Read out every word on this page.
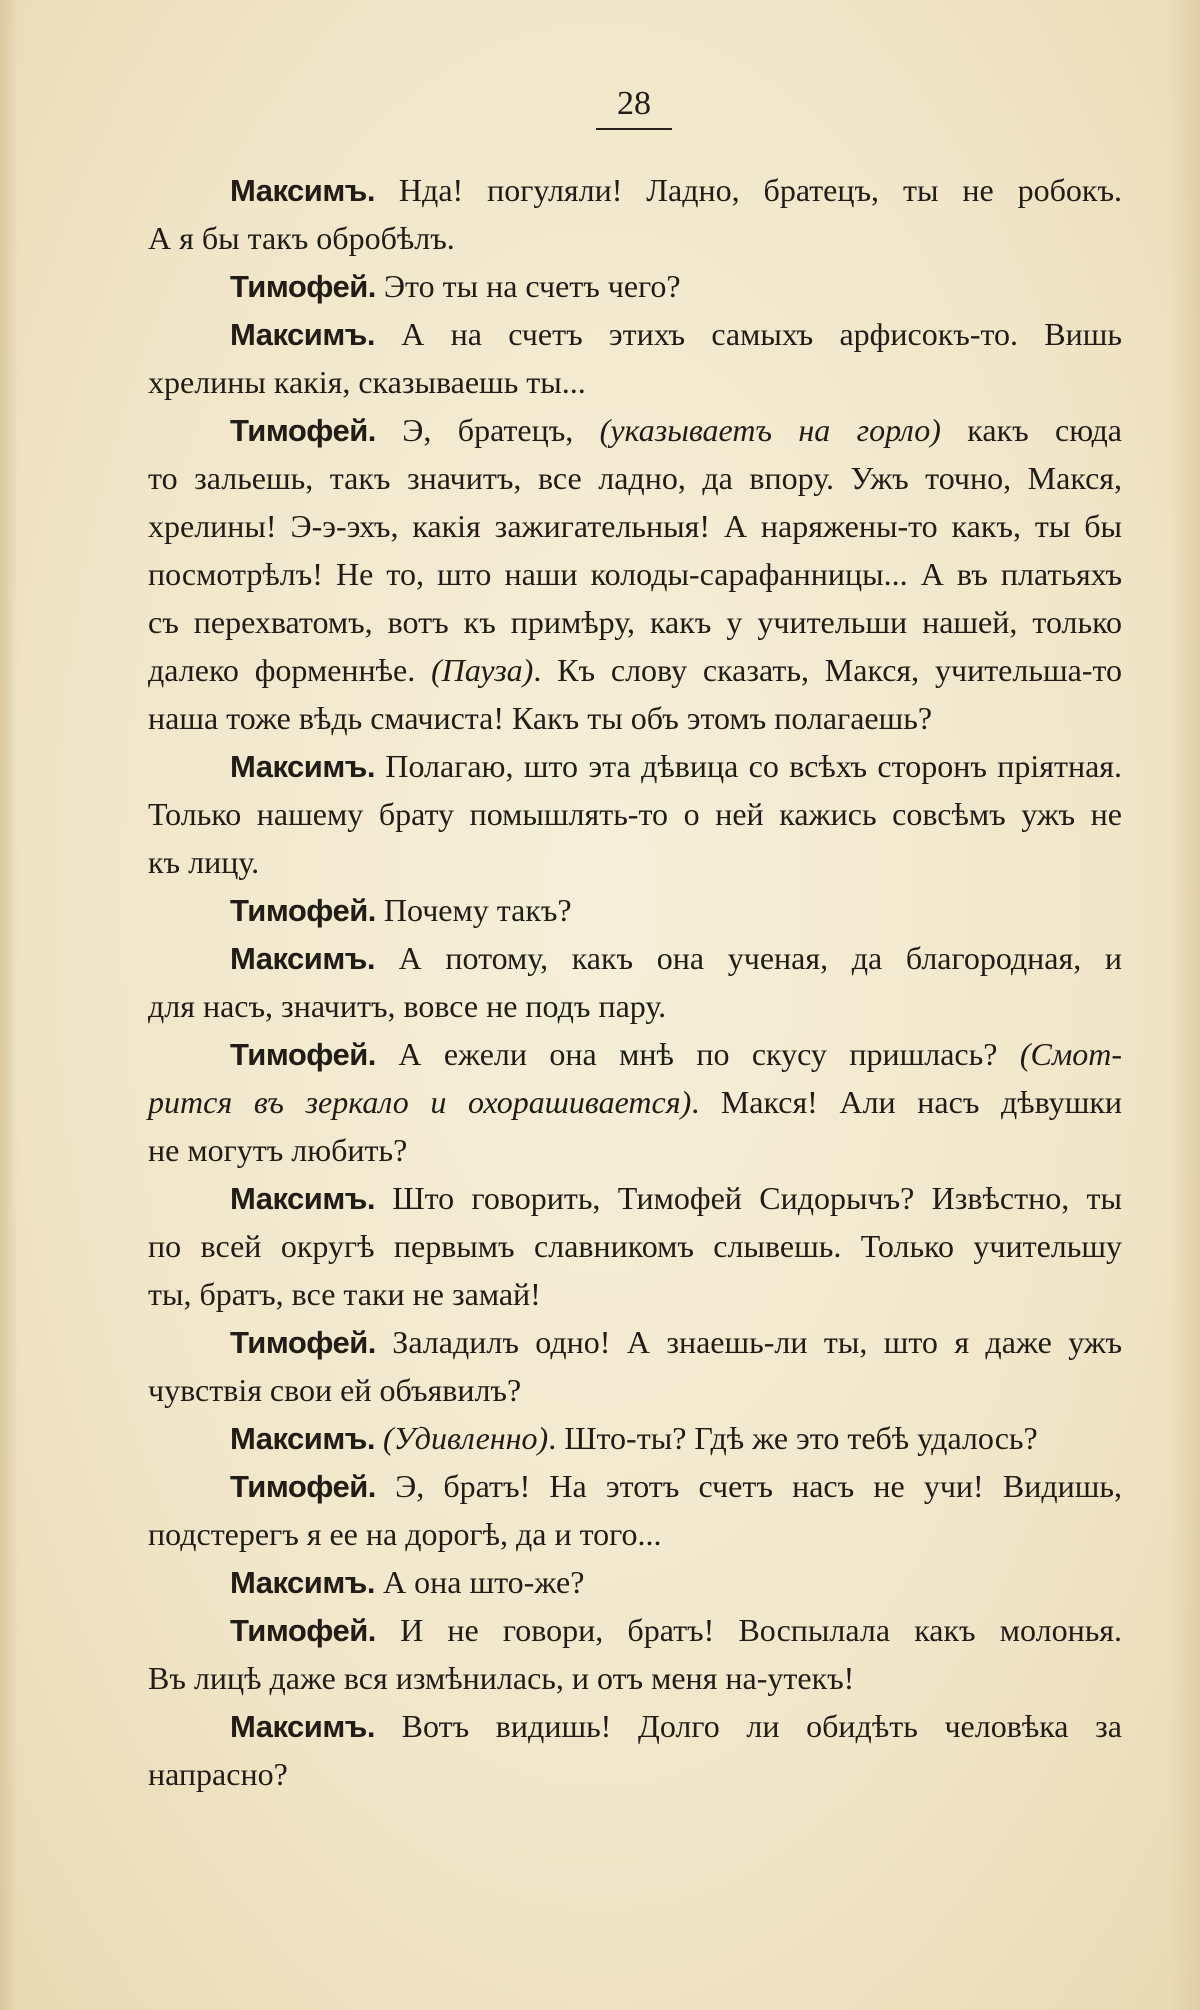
28
Максимъ. Нда! погуляли! Ладно, братецъ, ты не робокъ.
А я бы такъ обробѣлъ.
Тимофей. Это ты на счетъ чего?
Максимъ. А на счетъ этихъ самыхъ арфисокъ-то. Вишь
хрелины какія, сказываешь ты...
Тимофей. Э, братецъ, (указываетъ на горло) какъ сюда
то зальешь, такъ значитъ, все ладно, да впору. Ужъ точно, Макся,
хрелины! Э-э-эхъ, какія зажигательныя! А наряжены-то какъ, ты бы
посмотрѣлъ! Не то, што наши колоды-сарафанницы... А въ платьяхъ
съ перехватомъ, вотъ къ примѣру, какъ у учительши нашей, только
далеко форменнѣе. (Пауза). Къ слову сказать, Макся, учительша-то
наша тоже вѣдь смачиста! Какъ ты объ этомъ полагаешь?
Максимъ. Полагаю, што эта дѣвица со всѣхъ сторонъ пріятная.
Только нашему брату помышлять-то о ней кажись совсѣмъ ужъ не
къ лицу.
Тимофей. Почему такъ?
Максимъ. А потому, какъ она ученая, да благородная, и
для насъ, значитъ, вовсе не подъ пару.
Тимофей. А ежели она мнѣ по скусу пришлась? (Смот-
рится въ зеркало и охорашивается). Макся! Али насъ дѣвушки
не могутъ любить?
Максимъ. Што говорить, Тимофей Сидорычъ? Извѣстно, ты
по всей округѣ первымъ славникомъ слывешь. Только учительшу
ты, братъ, все таки не замай!
Тимофей. Заладилъ одно! А знаешь-ли ты, што я даже ужъ
чувствія свои ей объявилъ?
Максимъ. (Удивленно). Што-ты? Гдѣ же это тебѣ удалось?
Тимофей. Э, братъ! На этотъ счетъ насъ не учи! Видишь,
подстерегъ я ее на дорогѣ, да и того...
Максимъ. А она што-же?
Тимофей. И не говори, братъ! Воспылала какъ молонья.
Въ лицѣ даже вся измѣнилась, и отъ меня на-утекъ!
Максимъ. Вотъ видишь! Долго ли обидѣть человѣка за
напрасно?
